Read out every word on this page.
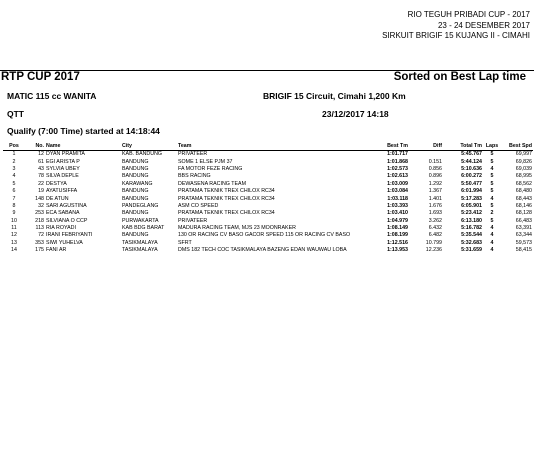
RIO TEGUH PRIBADI CUP - 2017
23 - 24 DESEMBER 2017
SIRKUIT BRIGIF 15 KUJANG II - CIMAHI
RTP CUP 2017	Sorted on Best Lap time
MATIC 115 cc WANITA	BRIGIF 15 Circuit, Cimahi 1,200 Km
QTT	23/12/2017 14:18
Qualify (7:00 Time) started at 14:18:44
Pos	No.	Name	City	Team	Best Tm	Diff	Total Tm	Laps	Best Spd
1	12	DYAN PRAMITA	KAB. BANDUNG	PRIVATEER	1:01.717		5:45.767	5	69,997
2	61	EGI ARISTA P	BANDUNG	SOME 1 ELSE PJM 37	1:01.868	0.151	5:44.124	5	69,826
3	43	SYLVIA UBEY	BANDUNG	FA MOTOR FEZE RACING	1:02.573	0.856	5:10.636	4	69,039
4	78	SILVA DEPLE	BANDUNG	BBS RACING	1:02.613	0.896	6:00.272	5	68,995
5	22	DESTYA	KARAWANG	DEWASENA RACING TEAM	1:03.009	1.292	5:50.477	5	68,562
6	19	AYATUSIFFA	BANDUNG	PRATAMA TEKNIK TREX CHILOX RC34	1:03.084	1.367	6:01.994	5	68,480
7	148	DE ATUN	BANDUNG	PRATAMA TEKNIK TREX CHILOX RC34	1:03.118	1.401	5:17.283	4	68,443
8	32	SARI AGUSTINA	PANDEGLANG	ASM CO SPEED	1:03.393	1.676	6:05.901	5	68,146
9	253	ECA SABANA	BANDUNG	PRATAMA TEKNIK TREX CHILOX RC34	1:03.410	1.693	5:23.412	2	68,128
10	218	SILVIANA O CCP	PURWAKARTA	PRIVATEER	1:04.979	3.262	6:13.180	5	66,483
11	113	RIA ROYADI	KAB BDG BARAT	MADURA RACING TEAM, MJS 23 MOONRAKER	1:08.149	6.432	5:16.782	4	63,391
12	72	IRANI FEBRIYANTI	BANDUNG	130 OR RACING CV BASO GACOR SPEED 115 OR RACING CV BASO	1:08.199	6.482	5:35.544	4	63,344
13	353	SIWI YUHELVA	TASIKMALAYA	SFRT	1:12.516	10.799	5:32.683	4	59,573
14	175	FANI AR	TASIKMALAYA	DMS 182 TECH COC TASIKMALAYA BAZENG EDAN WAUWAU LOBA	1:13.953	12.236	5:31.659	4	58,415
